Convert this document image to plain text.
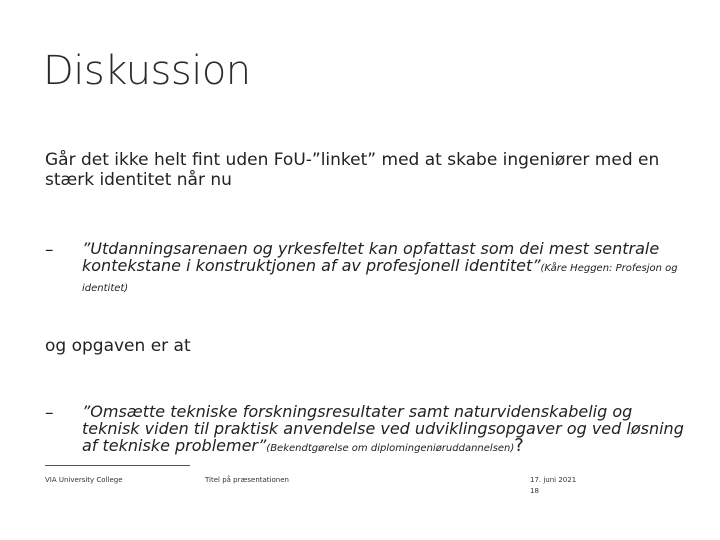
Diskussion
Går det ikke helt fint uden FoU-”linket” med at skabe ingeniører med en stærk identitet når nu
– ”Utdanningsarenaen og yrkesfeltet kan opfattast som dei mest sentrale kontekstane i konstruktjonen af av profesjonell identitet”(Kåre Heggen: Profesjon og identitet)
og opgaven er at
– ”Omsætte tekniske forskningsresultater samt naturvidenskabelig og teknisk viden til praktisk anvendelse ved udviklingsopgaver og ved løsning af tekniske problemer”(Bekendtgørelse om diplomingeniøruddannelsen)?
VIA University College	Titel på præsentationen	17. juni 2021
18
